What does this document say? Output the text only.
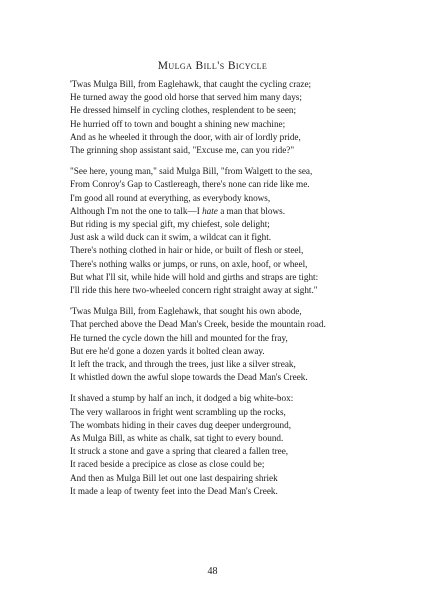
Mulga Bill's Bicycle
'Twas Mulga Bill, from Eaglehawk, that caught the cycling craze;
He turned away the good old horse that served him many days;
He dressed himself in cycling clothes, resplendent to be seen;
He hurried off to town and bought a shining new machine;
And as he wheeled it through the door, with air of lordly pride,
The grinning shop assistant said, "Excuse me, can you ride?"
"See here, young man," said Mulga Bill, "from Walgett to the sea,
From Conroy's Gap to Castlereagh, there's none can ride like me.
I'm good all round at everything, as everybody knows,
Although I'm not the one to talk—I hate a man that blows.
But riding is my special gift, my chiefest, sole delight;
Just ask a wild duck can it swim, a wildcat can it fight.
There's nothing clothed in hair or hide, or built of flesh or steel,
There's nothing walks or jumps, or runs, on axle, hoof, or wheel,
But what I'll sit, while hide will hold and girths and straps are tight:
I'll ride this here two-wheeled concern right straight away at sight."
'Twas Mulga Bill, from Eaglehawk, that sought his own abode,
That perched above the Dead Man's Creek, beside the mountain road.
He turned the cycle down the hill and mounted for the fray,
But ere he'd gone a dozen yards it bolted clean away.
It left the track, and through the trees, just like a silver streak,
It whistled down the awful slope towards the Dead Man's Creek.
It shaved a stump by half an inch, it dodged a big white-box:
The very wallaroos in fright went scrambling up the rocks,
The wombats hiding in their caves dug deeper underground,
As Mulga Bill, as white as chalk, sat tight to every bound.
It struck a stone and gave a spring that cleared a fallen tree,
It raced beside a precipice as close as close could be;
And then as Mulga Bill let out one last despairing shriek
It made a leap of twenty feet into the Dead Man's Creek.
48
